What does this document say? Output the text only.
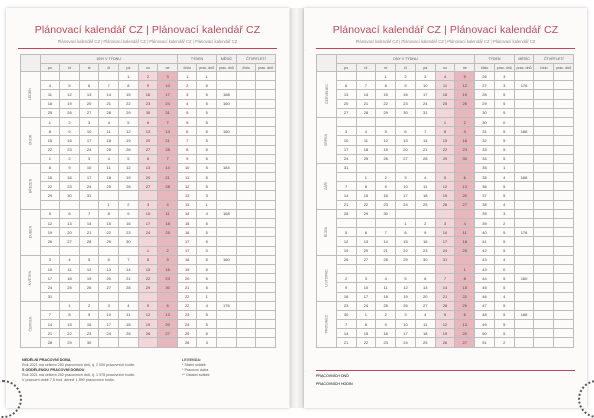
Plánovací kalendář CZ | Plánovací kalendář CZ
Plánovací kalendář CZ | Plánovací kalendář CZ | Plánovací kalendář CZ | Plánovací kalendář CZ
	DNY V TÝDNU							TÝDEN		MĚSÍC	ČTVRTLETÍ	
	po	út	st	čt	pá	so	ne	číslo	prac. dnů	prac. dnů	číslo	prac. dnů
LEDEN					1	2	3	1	1			
	4	5	6	7	8	9	10	2	5			
	11	12	13	14	15	16	17	3	5	168		
	18	19	20	21	22	23	24	4	5	160		
	25	26	27	28	29	30	31	5	5			
ÚNOR	1	2	3	4	5	6	7	5	5			
	8	9	10	11	12	13	14	6	5	160		
	15	16	17	18	19	20	21	7	5			
	22	23	24	25	26	27	28	8	5			
	1	2	3	4	5	6	7	9	5			
BŘEZEN	8	9	10	11	12	13	14	10	5	184		
	15	16	17	18	19	20	21	11	5			
	22	23	24	25	26	27	28	12	5			
	29	30	31					13	3			
				1	2	3	4	13	1			
DUBEN	5	6	7	8	9	10	11	14	4	168		
	12	13	14	15	16	17	18	15	5			
	19	20	21	22	23	24	25	16	5			
	26	27	28	29	30			17	5			
						1	2	17	0			
KVĚTEN	3	4	5	6	7	8	9	18	5	160		
	10	11	12	13	14	15	16	19	5			
	17	18	19	20	21	22	23	20	5			
	24	25	26	27	28	29	30	21	5			
	31							22	1			
ČERVEN		1	2	3	4	5	6	22	4	176		
	7	8	9	10	11	12	13	23	5			
	14	15	16	17	18	19	20	24	5			
	21	22	23	24	25	26	27	25	5			
	28	29	30					26	3			
NEDĚLNÍ PRACOVNÍ DOBA
Rok 2021 má celkem 250 pracovních dnů, tj. 2 000 pracovních hodin.
S ODDĚLENOU PRACOVNÍ DOBOU
Rok 2021 má celkem 252 pracovních dnů, tj. 1 975 pracovních hodin.
V pracovní době 7,5 hod. denně 1 890 pracovních hodin.
LEGENDA:
* Státní svátek
* Pracovní doba
** Ostatní svátek
Plánovací kalendář CZ | Plánovací kalendář CZ
Plánovací kalendář CZ | Plánovací kalendář CZ | Plánovací kalendář CZ | Plánovací kalendář CZ
	DNY V TÝDNU							TÝDEN		MĚSÍC	ČTVRTLETÍ	
	po	út	st	čt	pá	so	ne	číslo	prac. dnů	prac. dnů	číslo	prac. dnů
ČERVENEC			1	2	3	4	5	26	3			
	6	7	8	9	10	11	12	27	3	176		
	13	14	15	16	17	18	19	28	5			
	20	21	22	23	24	25	26	29	5			
	27	28	29	30	31			30	5			
SRPEN						1	2	30	0			
	3	4	5	6	7	8	9	31	5	168		
	10	11	12	13	14	15	16	32	5			
	17	18	19	20	21	22	23	33	5			
	24	25	26	27	28	29	30	34	5			
ZÁŘÍ	31							35	1			
		1	2	3	4	5	6	35	4	168		
	7	8	9	10	11	12	13	36	5			
	14	15	16	17	18	19	20	37	5			
	21	22	23	24	25	26	27	38	4			
ŘÍJEN	28	29	30					39	3			
				1	2	3	4	39	2			
	5	6	7	8	9	10	11	40	5	176		
	12	13	14	15	16	17	18	41	5			
	19	20	21	22	23	24	25	42	5			
LISTOPAD	26	27	28	29	30	31		43	4			
							1	43	0			
	2	3	4	5	6	7	8	44	5	160		
	9	10	11	12	13	14	15	45	5			
	16	17	18	19	20	21	22	46	4			
PROSINEC	23	24	25	26	27	28	29	47	5			
	30	1	2	3	4	5	6	48	5	168		
	7	8	9	10	11	12	13	49	5			
	14	15	16	17	18	19	20	50	5			
	21	22	23	24	25	26	27	51	2			
PRACOVNÍCH DNŮ
PRACOVNÍCH HODIN
